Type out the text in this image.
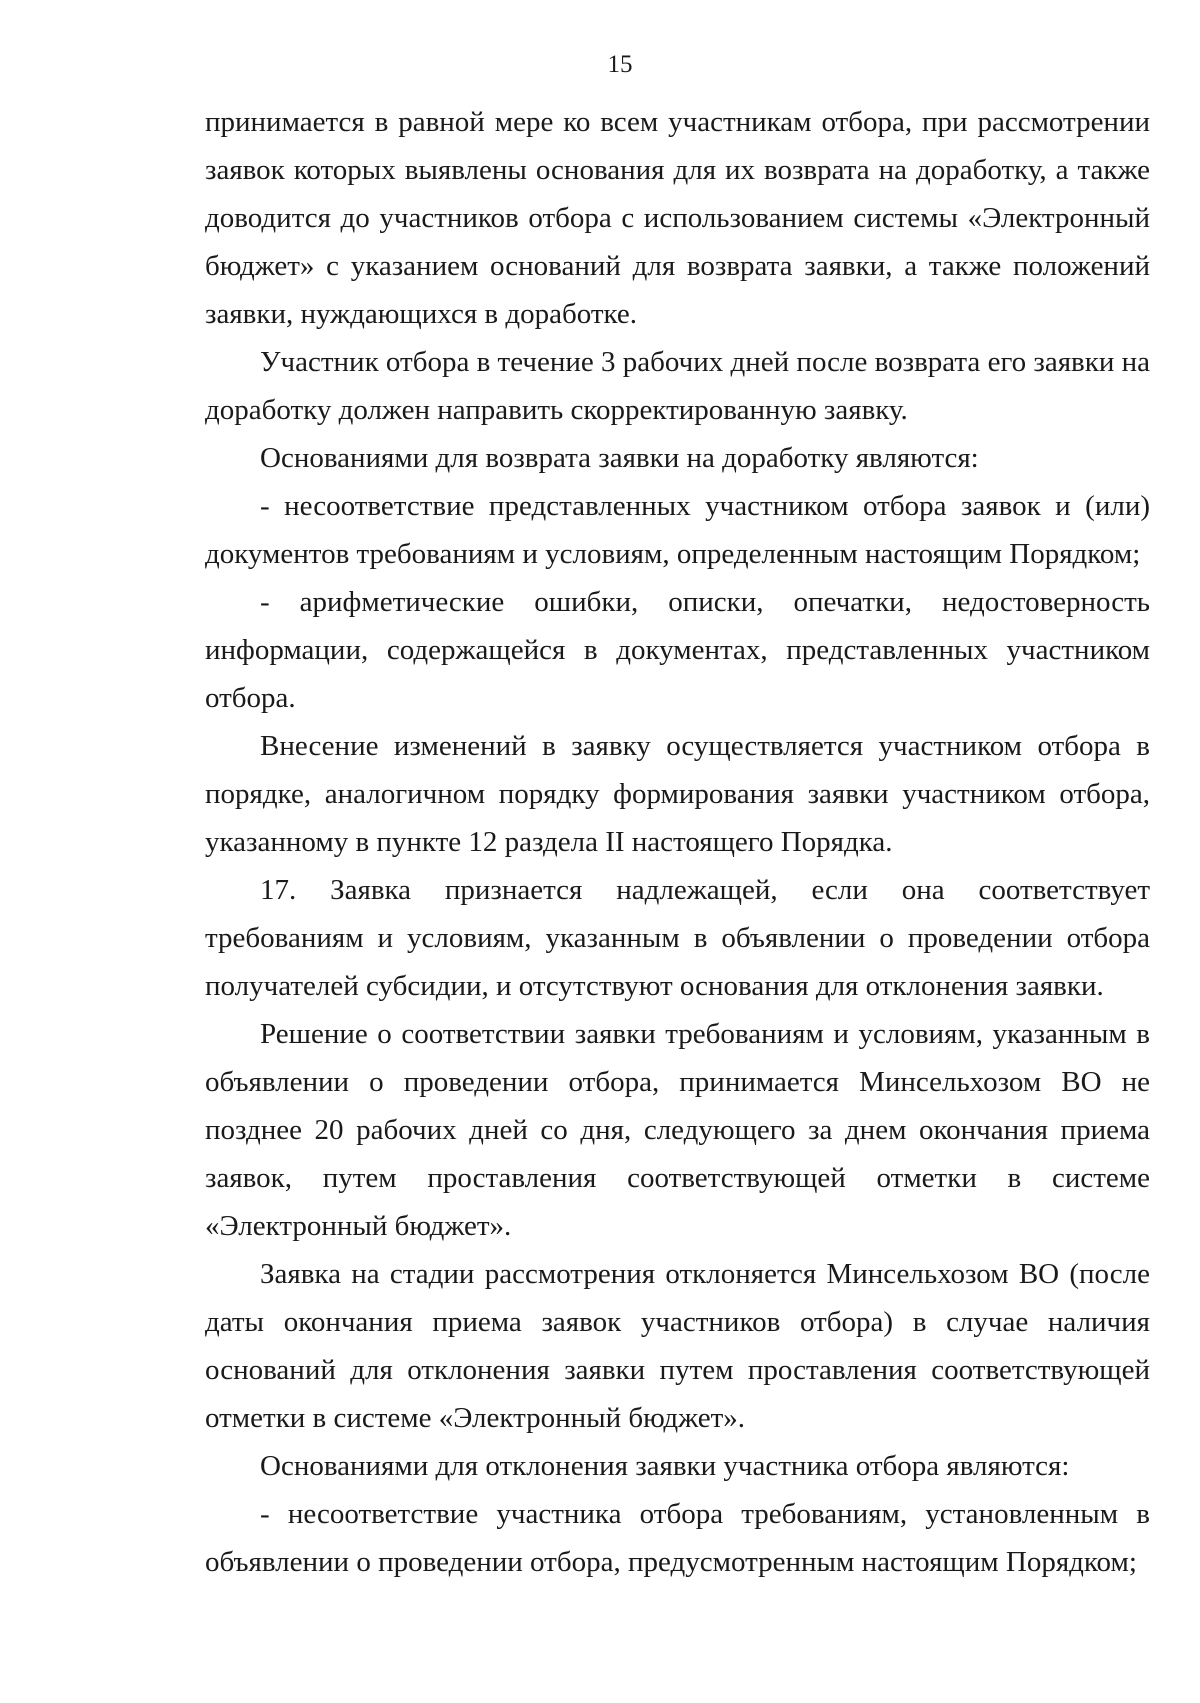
15

принимается в равной мере ко всем участникам отбора, при рассмотрении заявок которых выявлены основания для их возврата на доработку, а также доводится до участников отбора с использованием системы «Электронный бюджет» с указанием оснований для возврата заявки, а также положений заявки, нуждающихся в доработке.

Участник отбора в течение 3 рабочих дней после возврата его заявки на доработку должен направить скорректированную заявку.

Основаниями для возврата заявки на доработку являются:

- несоответствие представленных участником отбора заявок и (или) документов требованиям и условиям, определенным настоящим Порядком;

- арифметические ошибки, описки, опечатки, недостоверность информации, содержащейся в документах, представленных участником отбора.

Внесение изменений в заявку осуществляется участником отбора в порядке, аналогичном порядку формирования заявки участником отбора, указанному в пункте 12 раздела II настоящего Порядка.

17. Заявка признается надлежащей, если она соответствует требованиям и условиям, указанным в объявлении о проведении отбора получателей субсидии, и отсутствуют основания для отклонения заявки.

Решение о соответствии заявки требованиям и условиям, указанным в объявлении о проведении отбора, принимается Минсельхозом ВО не позднее 20 рабочих дней со дня, следующего за днем окончания приема заявок, путем проставления соответствующей отметки в системе «Электронный бюджет».

Заявка на стадии рассмотрения отклоняется Минсельхозом ВО (после даты окончания приема заявок участников отбора) в случае наличия оснований для отклонения заявки путем проставления соответствующей отметки в системе «Электронный бюджет».

Основаниями для отклонения заявки участника отбора являются:

- несоответствие участника отбора требованиям, установленным в объявлении о проведении отбора, предусмотренным настоящим Порядком;
